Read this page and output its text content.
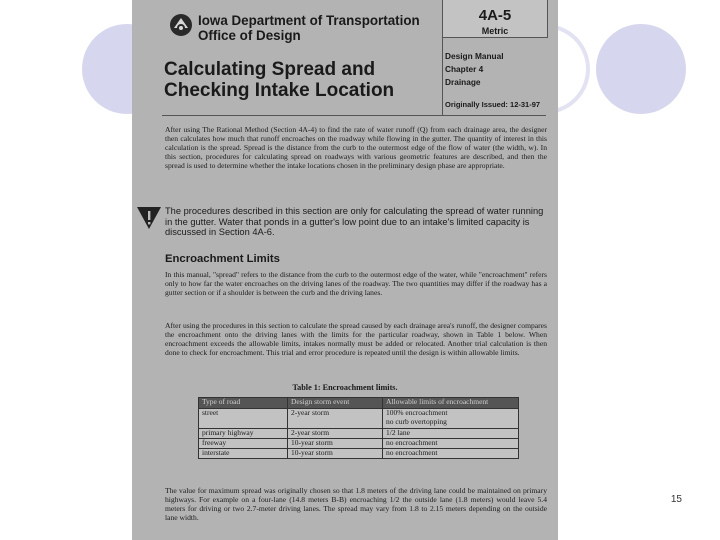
15
Iowa Department of Transportation
Office of Design
4A-5
Metric
Design Manual
Chapter 4
Drainage
Originally Issued: 12-31-97
Calculating Spread and
Checking Intake Location
After using The Rational Method (Section 4A-4) to find the rate of water runoff (Q) from each drainage area, the designer then calculates how much that runoff encroaches on the roadway while flowing in the gutter. The quantity of interest in this calculation is the spread. Spread is the distance from the curb to the outermost edge of the flow of water (the width, w). In this section, procedures for calculating spread on roadways with various geometric features are described, and then the spread is used to determine whether the intake locations chosen in the preliminary design phase are appropriate.
The procedures described in this section are only for calculating the spread of water running in the gutter. Water that ponds in a gutter's low point due to an intake's limited capacity is discussed in Section 4A-6.
Encroachment Limits
In this manual, "spread" refers to the distance from the curb to the outermost edge of the water, while "encroachment" refers only to how far the water encroaches on the driving lanes of the roadway. The two quantities may differ if the roadway has a gutter section or if a shoulder is between the curb and the driving lanes.
After using the procedures in this section to calculate the spread caused by each drainage area's runoff, the designer compares the encroachment onto the driving lanes with the limits for the particular roadway, shown in Table 1 below. When encroachment exceeds the allowable limits, intakes normally must be added or relocated. Another trial calculation is then done to check for encroachment. This trial and error procedure is repeated until the design is within allowable limits.
Table 1: Encroachment limits.
Type of road	Design storm event	Allowable limits of encroachment
street	2-year storm	100% encroachment
no curb overtopping

primary highway	2-year storm	1/2 lane
freeway	10-year storm	no encroachment
interstate	10-year storm	no encroachment
The value for maximum spread was originally chosen so that 1.8 meters of the driving lane could be maintained on primary highways. For example on a four-lane (14.8 meters B-B) encroaching 1/2 the outside lane (1.8 meters) would leave 5.4 meters for driving or two 2.7-meter driving lanes. The spread may vary from 1.8 to 2.15 meters depending on the outside lane width.
